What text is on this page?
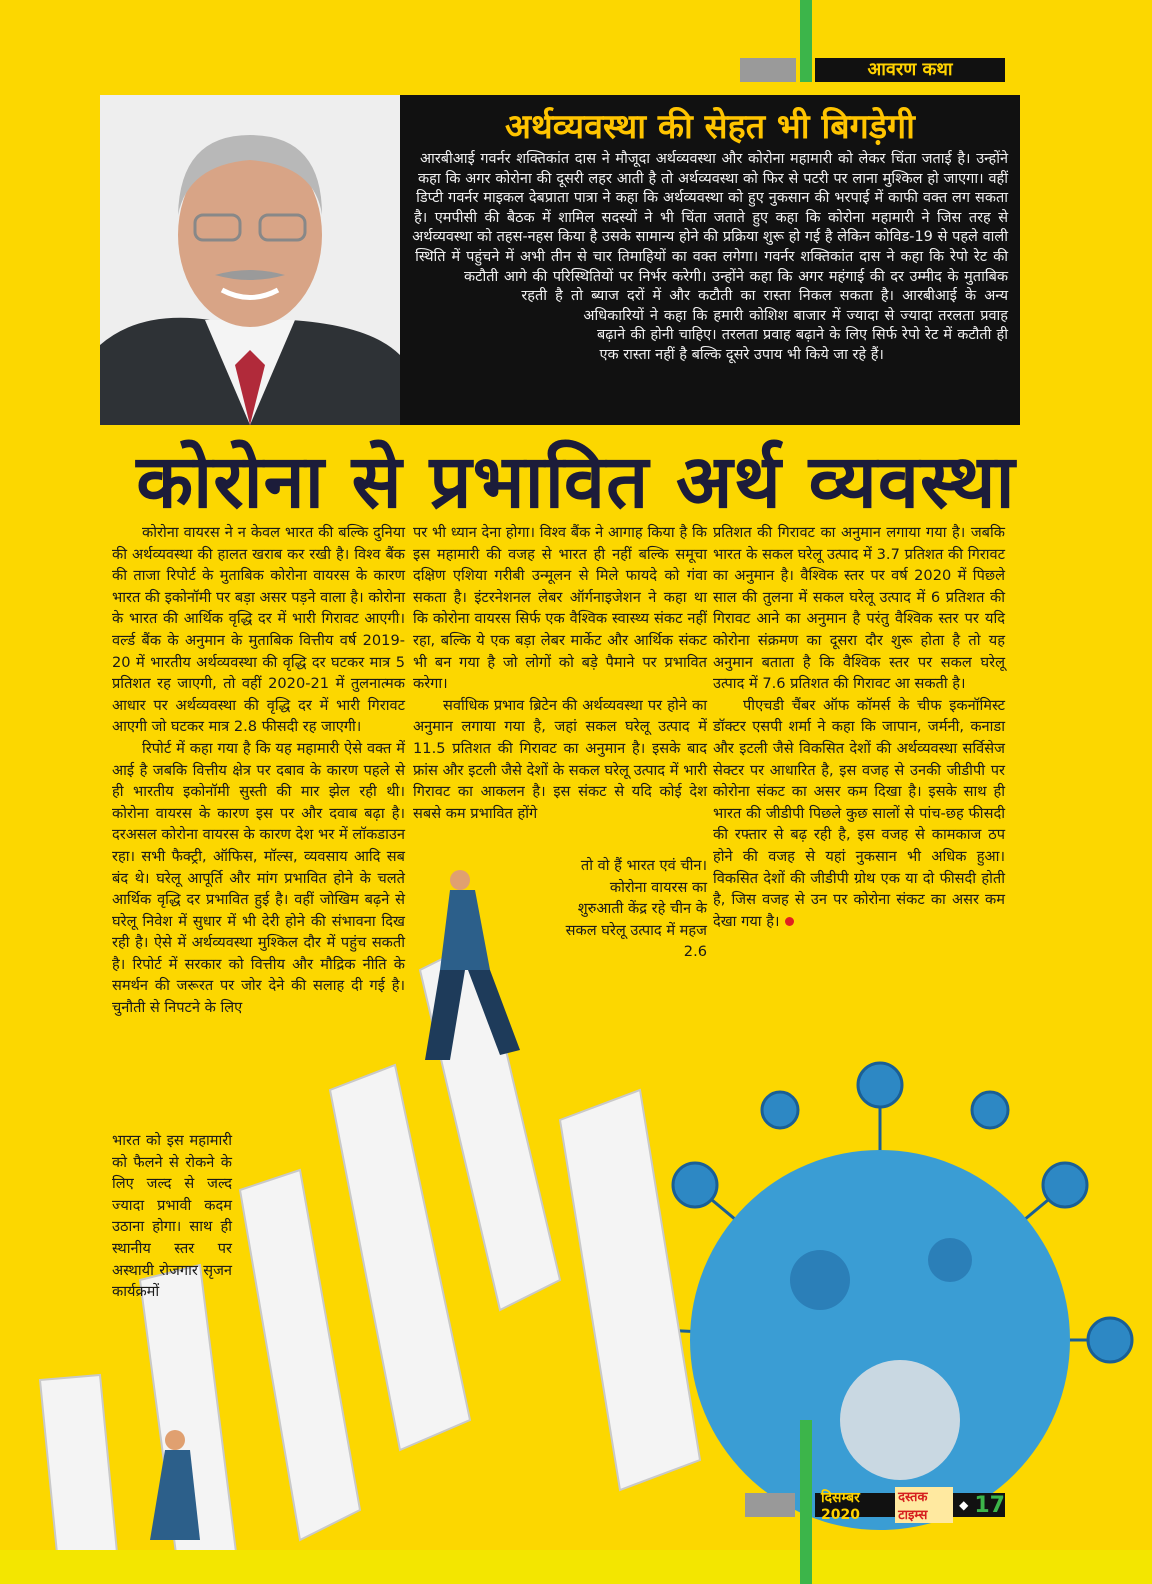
आवरण कथा
अर्थव्यवस्था की सेहत भी बिगड़ेगी
आरबीआई गवर्नर शक्तिकांत दास ने मौजूदा अर्थव्यवस्था और कोरोना महामारी को लेकर चिंता जताई है। उन्होंने कहा कि अगर कोरोना की दूसरी लहर आती है तो अर्थव्यवस्था को फिर से पटरी पर लाना मुश्किल हो जाएगा। वहीं डिप्टी गवर्नर माइकल देबप्राता पात्रा ने कहा कि अर्थव्यवस्था को हुए नुकसान की भरपाई में काफी वक्त लग सकता है। एमपीसी की बैठक में शामिल सदस्यों ने भी चिंता जताते हुए कहा कि कोरोना महामारी ने जिस तरह से अर्थव्यवस्था को तहस-नहस किया है उसके सामान्य होने की प्रक्रिया शुरू हो गई है लेकिन कोविड-19 से पहले वाली स्थिति में पहुंचने में अभी तीन से चार तिमाहियों का वक्त लगेगा। गवर्नर शक्तिकांत दास ने कहा कि रेपो रेट की कटौती आगे की परिस्थितियों पर निर्भर करेगी। उन्होंने कहा कि अगर महंगाई की दर उम्मीद के मुताबिक रहती है तो ब्याज दरों में और कटौती का रास्ता निकल सकता है। आरबीआई के अन्य अधिकारियों ने कहा कि हमारी कोशिश बाजार में ज्यादा से ज्यादा तरलता प्रवाह बढ़ाने की होनी चाहिए। तरलता प्रवाह बढ़ाने के लिए सिर्फ रेपो रेट में कटौती ही एक रास्ता नहीं है बल्कि दूसरे उपाय भी किये जा रहे हैं।
कोरोना से प्रभावित अर्थ व्यवस्था

कोरोना वायरस ने न केवल भारत की बल्कि दुनिया की अर्थव्यवस्था की हालत खराब कर रखी है। विश्व बैंक की ताजा रिपोर्ट के मुताबिक कोरोना वायरस के कारण भारत की इकोनॉमी पर बड़ा असर पड़ने वाला है। कोरोना के भारत की आर्थिक वृद्धि दर में भारी गिरावट आएगी। वर्ल्ड बैंक के अनुमान के मुताबिक वित्तीय वर्ष 2019-20 में भारतीय अर्थव्यवस्था की वृद्धि दर घटकर मात्र 5 प्रतिशत रह जाएगी, तो वहीं 2020-21 में तुलनात्मक आधार पर अर्थव्यवस्था की वृद्धि दर में भारी गिरावट आएगी जो घटकर मात्र 2.8 फीसदी रह जाएगी।

रिपोर्ट में कहा गया है कि यह महामारी ऐसे वक्त में आई है जबकि वित्तीय क्षेत्र पर दबाव के कारण पहले से ही भारतीय इकोनॉमी सुस्ती की मार झेल रही थी। कोरोना वायरस के कारण इस पर और दवाब बढ़ा है। दरअसल कोरोना वायरस के कारण देश भर में लॉकडाउन रहा। सभी फैक्ट्री, ऑफिस, मॉल्स, व्यवसाय आदि सब बंद थे। घरेलू आपूर्ति और मांग प्रभावित होने के चलते आर्थिक वृद्धि दर प्रभावित हुई है। वहीं जोखिम बढ़ने से घरेलू निवेश में सुधार में भी देरी होने की संभावना दिख रही है। ऐसे में अर्थव्यवस्था मुश्किल दौर में पहुंच सकती है। रिपोर्ट में सरकार को वित्तीय और मौद्रिक नीति के समर्थन की जरूरत पर जोर देने की सलाह दी गई है। चुनौती से निपटने के लिए

भारत को इस महामारी को फैलने से रोकने के लिए जल्द से जल्द ज्यादा प्रभावी कदम उठाना होगा। साथ ही स्थानीय स्तर पर अस्थायी रोजगार सृजन कार्यक्रमों

पर भी ध्यान देना होगा। विश्व बैंक ने आगाह किया है कि इस महामारी की वजह से भारत ही नहीं बल्कि समूचा दक्षिण एशिया गरीबी उन्मूलन से मिले फायदे को गंवा सकता है। इंटरनेशनल लेबर ऑर्गनाइजेशन ने कहा था कि कोरोना वायरस सिर्फ एक वैश्विक स्वास्थ्य संकट नहीं रहा, बल्कि ये एक बड़ा लेबर मार्केट और आर्थिक संकट भी बन गया है जो लोगों को बड़े पैमाने पर प्रभावित करेगा।

सर्वाधिक प्रभाव ब्रिटेन की अर्थव्यवस्था पर होने का अनुमान लगाया गया है, जहां सकल घरेलू उत्पाद में 11.5 प्रतिशत की गिरावट का अनुमान है। इसके बाद फ्रांस और इटली जैसे देशों के सकल घरेलू उत्पाद में भारी गिरावट का आकलन है। इस संकट से यदि कोई देश सबसे कम प्रभावित होंगे

तो वो हैं भारत एवं चीन। कोरोना वायरस का शुरुआती केंद्र रहे चीन के सकल घरेलू उत्पाद में महज 2.6

प्रतिशत की गिरावट का अनुमान लगाया गया है। जबकि भारत के सकल घरेलू उत्पाद में 3.7 प्रतिशत की गिरावट का अनुमान है। वैश्विक स्तर पर वर्ष 2020 में पिछले साल की तुलना में सकल घरेलू उत्पाद में 6 प्रतिशत की गिरावट आने का अनुमान है परंतु वैश्विक स्तर पर यदि कोरोना संक्रमण का दूसरा दौर शुरू होता है तो यह अनुमान बताता है कि वैश्विक स्तर पर सकल घरेलू उत्पाद में 7.6 प्रतिशत की गिरावट आ सकती है।

पीएचडी चैंबर ऑफ कॉमर्स के चीफ इकनॉमिस्ट डॉक्टर एसपी शर्मा ने कहा कि जापान, जर्मनी, कनाडा और इटली जैसे विकसित देशों की अर्थव्यवस्था सर्विसेज सेक्टर पर आधारित है, इस वजह से उनकी जीडीपी पर कोरोना संकट का असर कम दिखा है। इसके साथ ही भारत की जीडीपी पिछले कुछ सालों से पांच-छह फीसदी की रफ्तार से बढ़ रही है, इस वजह से कामकाज ठप होने की वजह से यहां नुकसान भी अधिक हुआ। विकसित देशों की जीडीपी ग्रोथ एक या दो फीसदी होती है, जिस वजह से उन पर कोरोना संकट का असर कम देखा गया है।

दिसम्बर 2020
दस्तक टाइम्स
◆ 17
